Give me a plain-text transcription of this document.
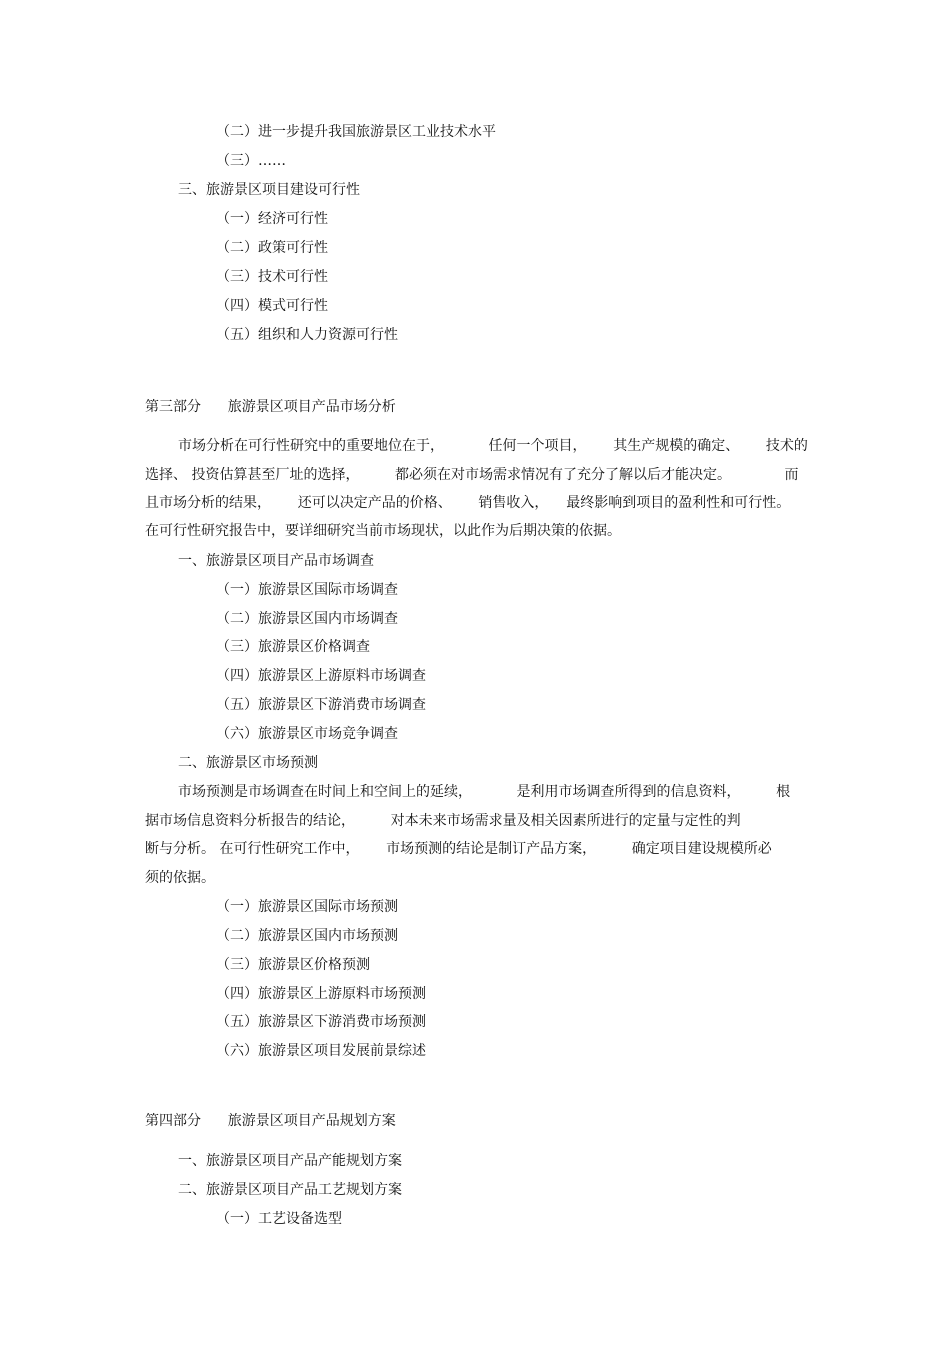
（二）进一步提升我国旅游景区工业技术水平
（三）……
三、旅游景区项目建设可行性
（一）经济可行性
（二）政策可行性
（三）技术可行性
（四）模式可行性
（五）组织和人力资源可行性
第三部分      旅游景区项目产品市场分析
市场分析在可行性研究中的重要地位在于，          任何一个项目，      其生产规模的确定、      技术的
选择、 投资估算甚至厂址的选择，        都必须在对市场需求情况有了充分了解以后才能决定。            而
且市场分析的结果，      还可以决定产品的价格、      销售收入，    最终影响到项目的盈利性和可行性。
在可行性研究报告中，要详细研究当前市场现状，以此作为后期决策的依据。
一、旅游景区项目产品市场调查
（一）旅游景区国际市场调查
（二）旅游景区国内市场调查
（三）旅游景区价格调查
（四）旅游景区上游原料市场调查
（五）旅游景区下游消费市场调查
（六）旅游景区市场竞争调查
二、旅游景区市场预测
市场预测是市场调查在时间上和空间上的延续，          是利用市场调查所得到的信息资料，        根
据市场信息资料分析报告的结论，        对本未来市场需求量及相关因素所进行的定量与定性的判
断与分析。 在可行性研究工作中，      市场预测的结论是制订产品方案，        确定项目建设规模所必
须的依据。
（一）旅游景区国际市场预测
（二）旅游景区国内市场预测
（三）旅游景区价格预测
（四）旅游景区上游原料市场预测
（五）旅游景区下游消费市场预测
（六）旅游景区项目发展前景综述
第四部分      旅游景区项目产品规划方案
一、旅游景区项目产品产能规划方案
二、旅游景区项目产品工艺规划方案
（一）工艺设备选型
